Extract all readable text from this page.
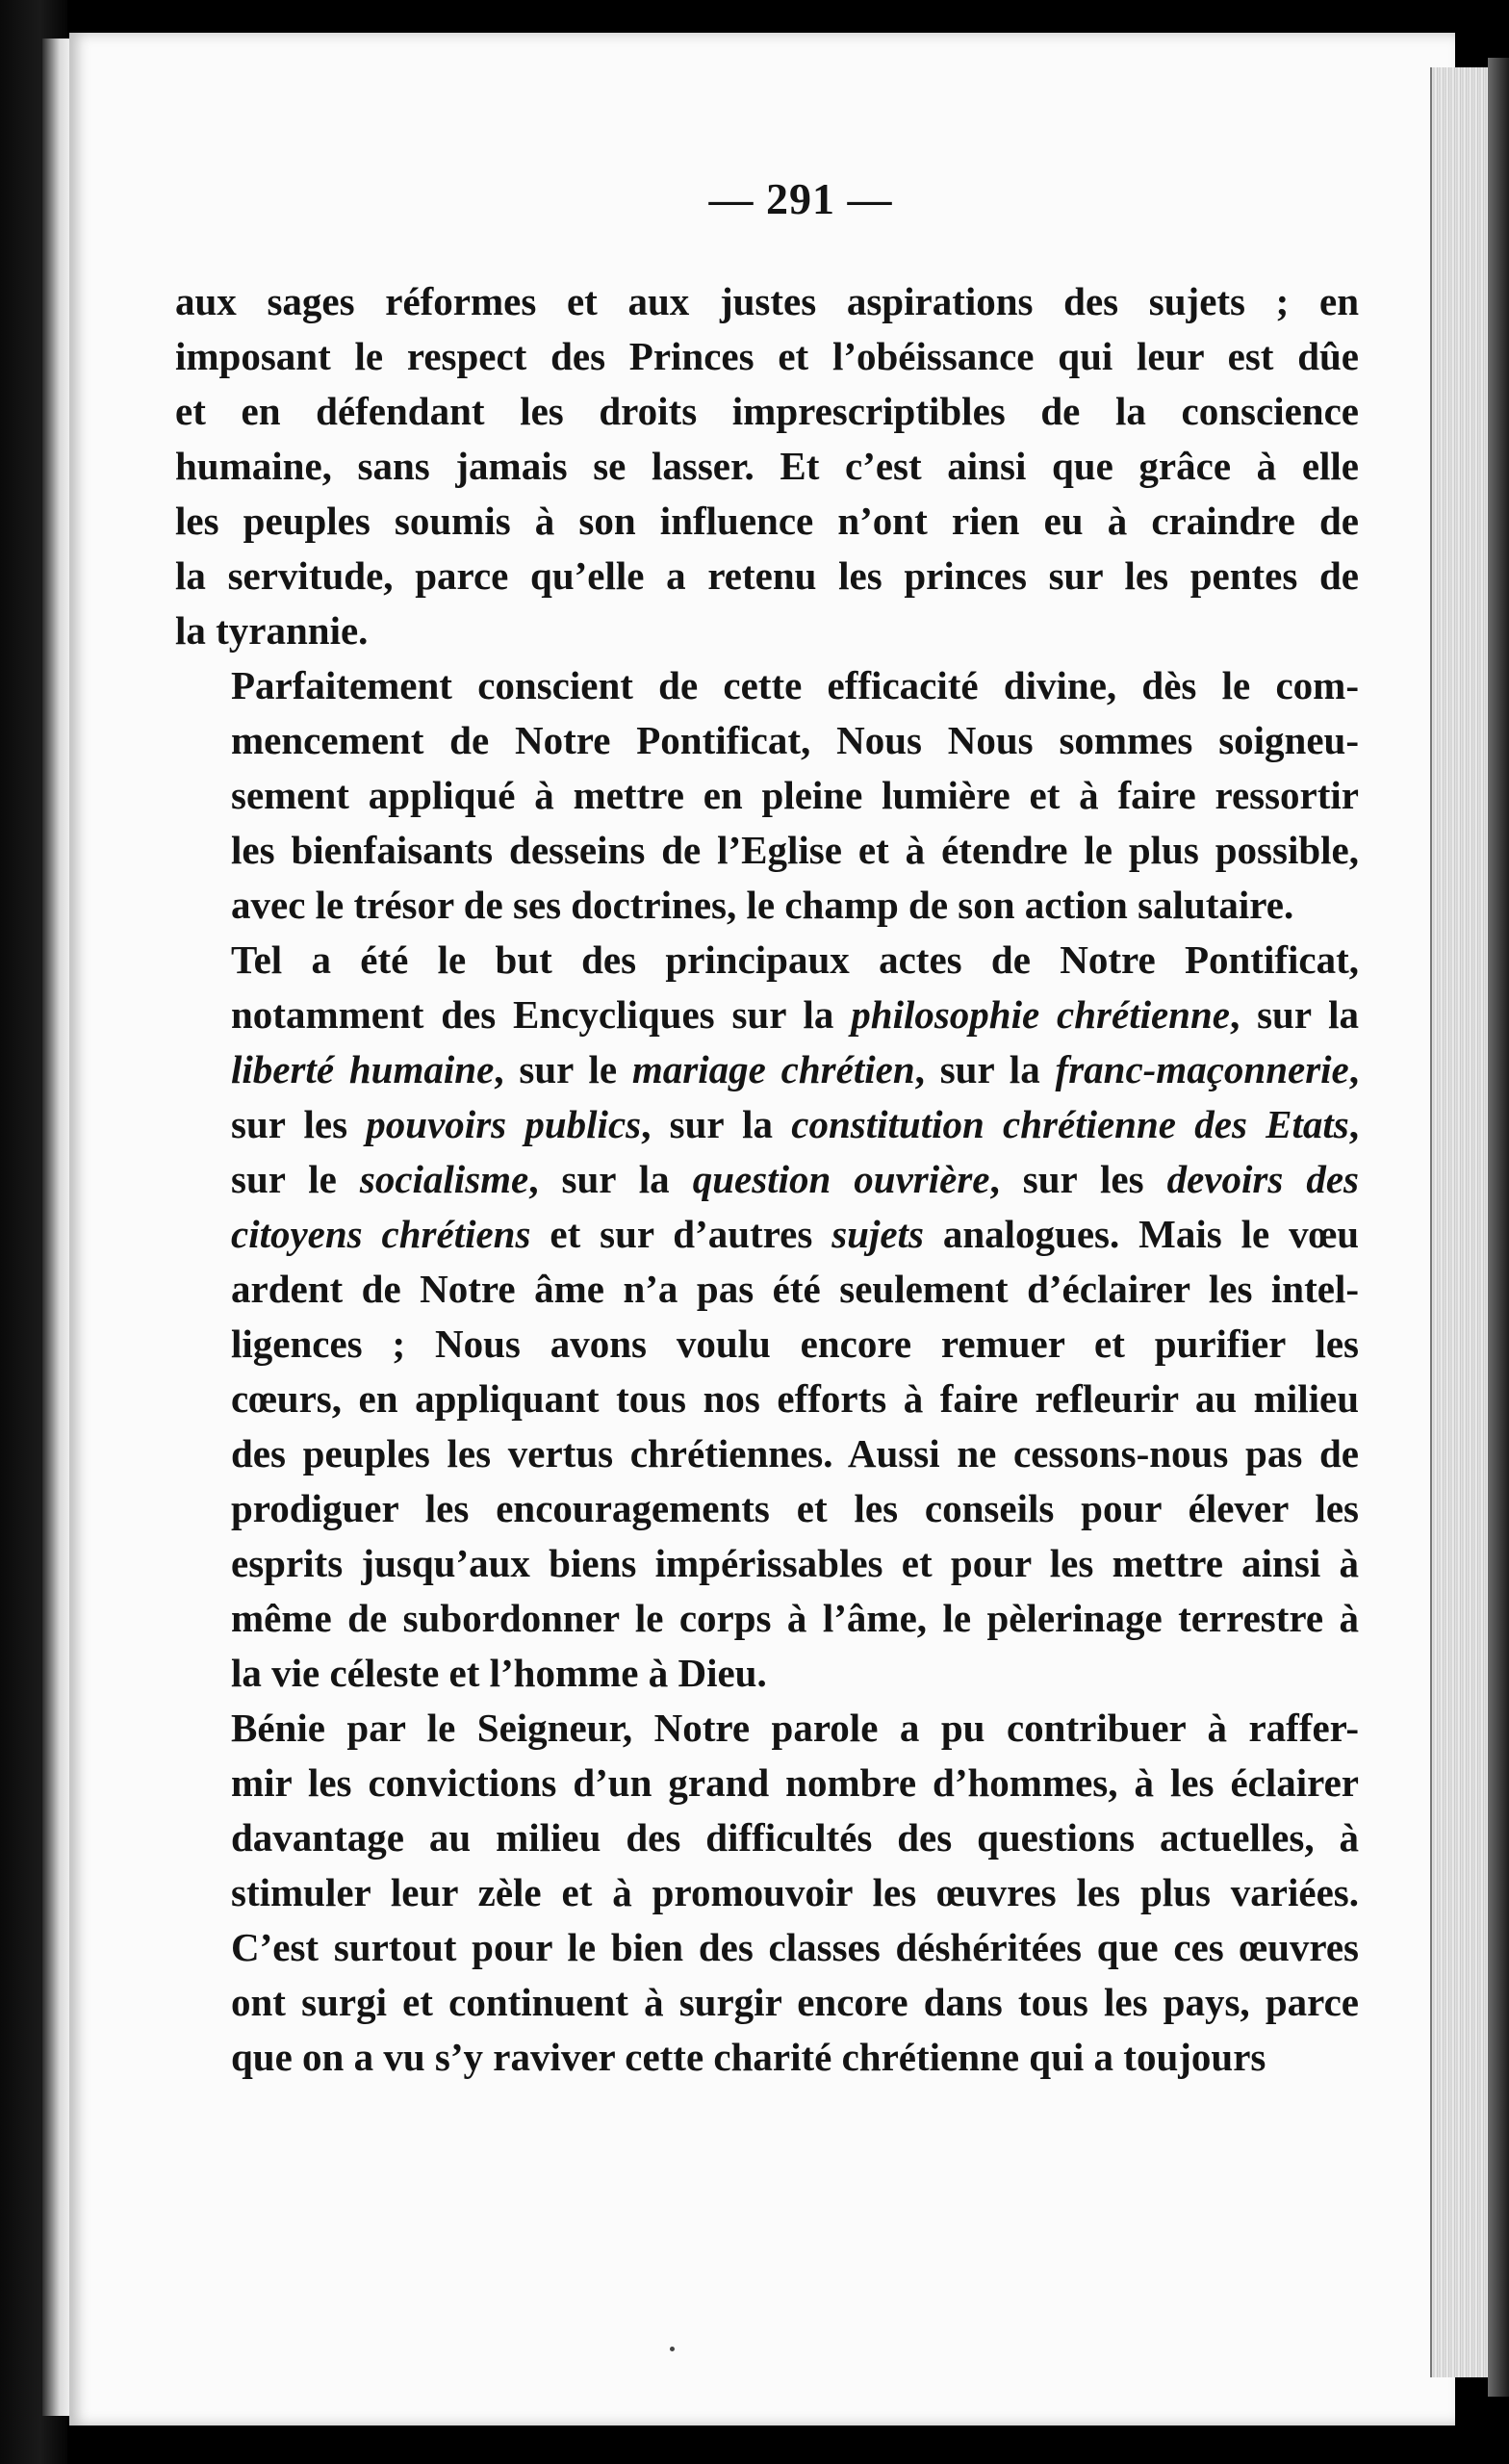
— 291 —

aux sages réformes et aux justes aspirations des sujets ; en
imposant le respect des Princes et l’obéissance qui leur est dûe
et en défendant les droits imprescriptibles de la conscience
humaine, sans jamais se lasser. Et c’est ainsi que grâce à elle
les peuples soumis à son influence n’ont rien eu à craindre de
la servitude, parce qu’elle a retenu les princes sur les pentes de
la tyrannie.

Parfaitement conscient de cette efficacité divine, dès le com-
mencement de Notre Pontificat, Nous Nous sommes soigneu-
sement appliqué à mettre en pleine lumière et à faire ressortir
les bienfaisants desseins de l’Eglise et à étendre le plus possible,
avec le trésor de ses doctrines, le champ de son action salutaire.

Tel a été le but des principaux actes de Notre Pontificat,
notamment des Encycliques sur la philosophie chrétienne, sur la
liberté humaine, sur le mariage chrétien, sur la franc-maçonnerie,
sur les pouvoirs publics, sur la constitution chrétienne des Etats,
sur le socialisme, sur la question ouvrière, sur les devoirs des
citoyens chrétiens et sur d’autres sujets analogues. Mais le vœu
ardent de Notre âme n’a pas été seulement d’éclairer les intel-
ligences ; Nous avons voulu encore remuer et purifier les
cœurs, en appliquant tous nos efforts à faire refleurir au milieu
des peuples les vertus chrétiennes. Aussi ne cessons-nous pas de
prodiguer les encouragements et les conseils pour élever les
esprits jusqu’aux biens impérissables et pour les mettre ainsi à
même de subordonner le corps à l’âme, le pèlerinage terrestre à
la vie céleste et l’homme à Dieu.

Bénie par le Seigneur, Notre parole a pu contribuer à raffer-
mir les convictions d’un grand nombre d’hommes, à les éclairer
davantage au milieu des difficultés des questions actuelles, à
stimuler leur zèle et à promouvoir les œuvres les plus variées.
C’est surtout pour le bien des classes déshéritées que ces œuvres
ont surgi et continuent à surgir encore dans tous les pays, parce
que on a vu s’y raviver cette charité chrétienne qui a toujours
